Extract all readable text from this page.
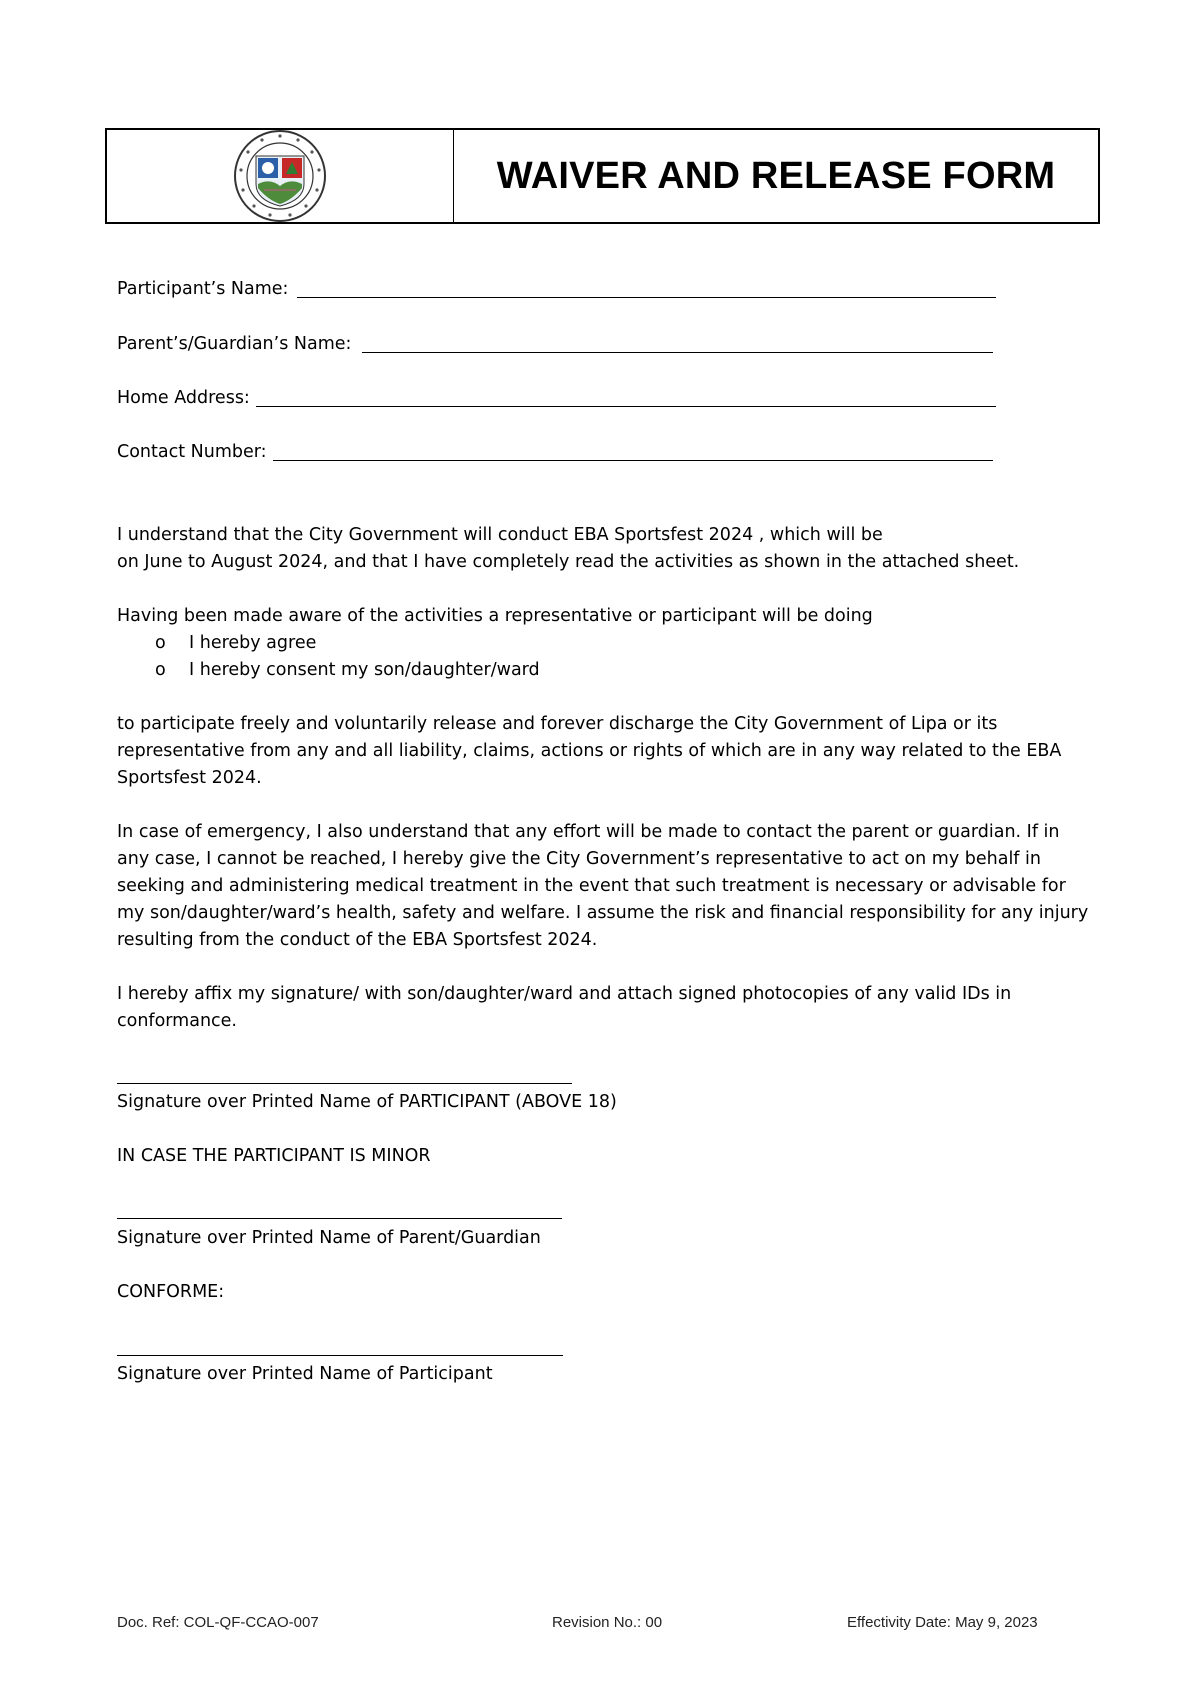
WAIVER AND RELEASE FORM
Participant’s Name:
Parent’s/Guardian’s Name:
Home Address:
Contact Number:
I understand that the City Government will conduct EBA Sportsfest 2024 , which will be
on June to August 2024, and that I have completely read the activities as shown in the attached sheet.
Having been made aware of the activities a representative or participant will be doing
o	I hereby agree
o	I hereby consent my son/daughter/ward

to participate freely and voluntarily release and forever discharge the City Government of Lipa or its representative from any and all liability, claims, actions or rights of which are in any way related to the EBA Sportsfest 2024.

In case of emergency, I also understand that any effort will be made to contact the parent or guardian. If in any case, I cannot be reached, I hereby give the City Government’s representative to act on my behalf in seeking and administering medical treatment in the event that such treatment is necessary or advisable for my son/daughter/ward’s health, safety and welfare. I assume the risk and financial responsibility for any injury resulting from the conduct of the EBA Sportsfest 2024.

I hereby affix my signature/ with son/daughter/ward and attach signed photocopies of any valid IDs in conformance.

Signature over Printed Name of PARTICIPANT (ABOVE 18)
IN CASE THE PARTICIPANT IS MINOR
Signature over Printed Name of Parent/Guardian
CONFORME:
Signature over Printed Name of Participant
Doc. Ref: COL-QF-CCAO-007	Revision No.: 00	Effectivity Date: May 9, 2023
